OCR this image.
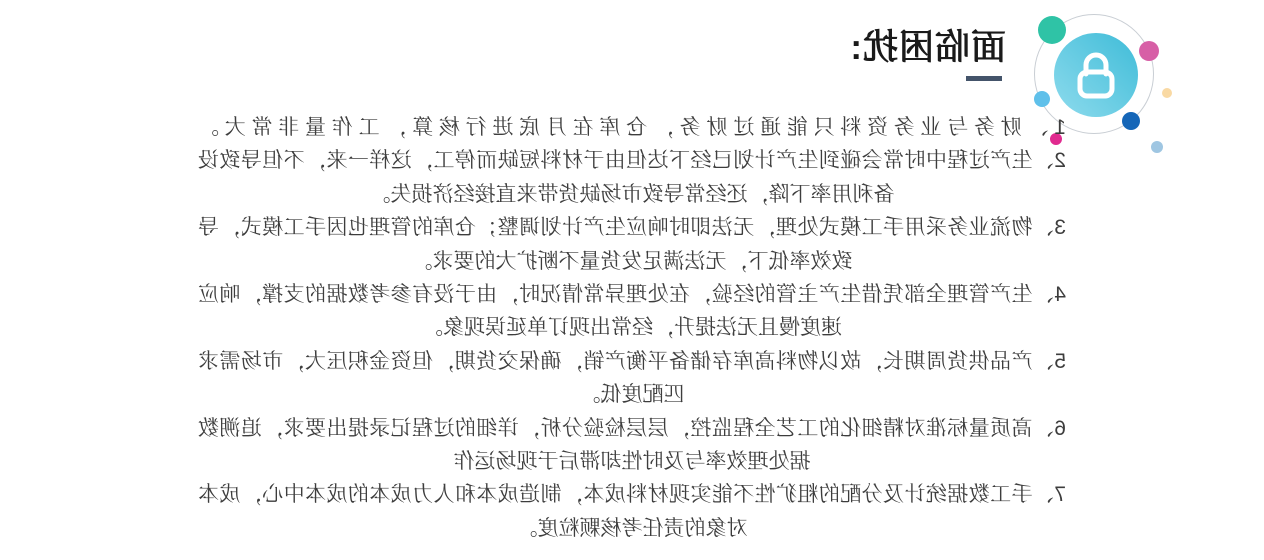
面临困扰:
1、财务与业务资料只能通过财务，仓库在月底进行核算，工作量非常大。
2、生产过程中时常会碰到生产计划已经下达但由于材料短缺而停工，这样一来，不但导致设
备利用率下降，还经常导致市场缺货带来直接经济损失。
3、物流业务采用手工模式处理，无法即时响应生产计划调整；仓库的管理也因手工模式，导
致效率低下，无法满足发货量不断扩大的要求。
4、生产管理全部凭借生产主管的经验，在处理异常情况时，由于没有参考数据的支撑，响应
速度慢且无法提升，经常出现订单延误现象。
5、产品供货周期长，故以物料高库存储备平衡产销，确保交货期，但资金积压大，市场需求
匹配度低。
6、高质量标准对精细化的工艺全程监控，层层检验分析，详细的过程记录提出要求，追溯数
据处理效率与及时性却滞后于现场运作
7、手工数据统计及分配的粗犷性不能实现材料成本，制造成本和人力成本的成本中心，成本
对象的责任考核颗粒度。
